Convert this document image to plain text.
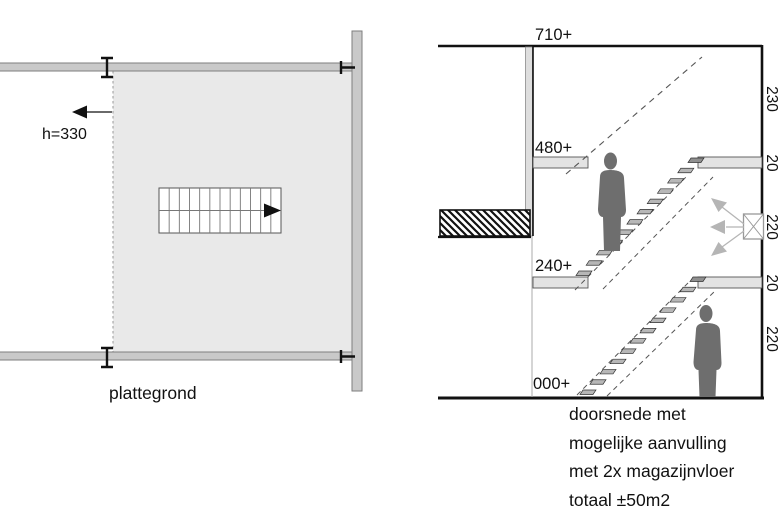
h=330
plattegrond
710+
480+
240+
000+
230
20
220
20
220
doorsnede met
mogelijke aanvulling
met 2x magazijnvloer
totaal ±50m2
